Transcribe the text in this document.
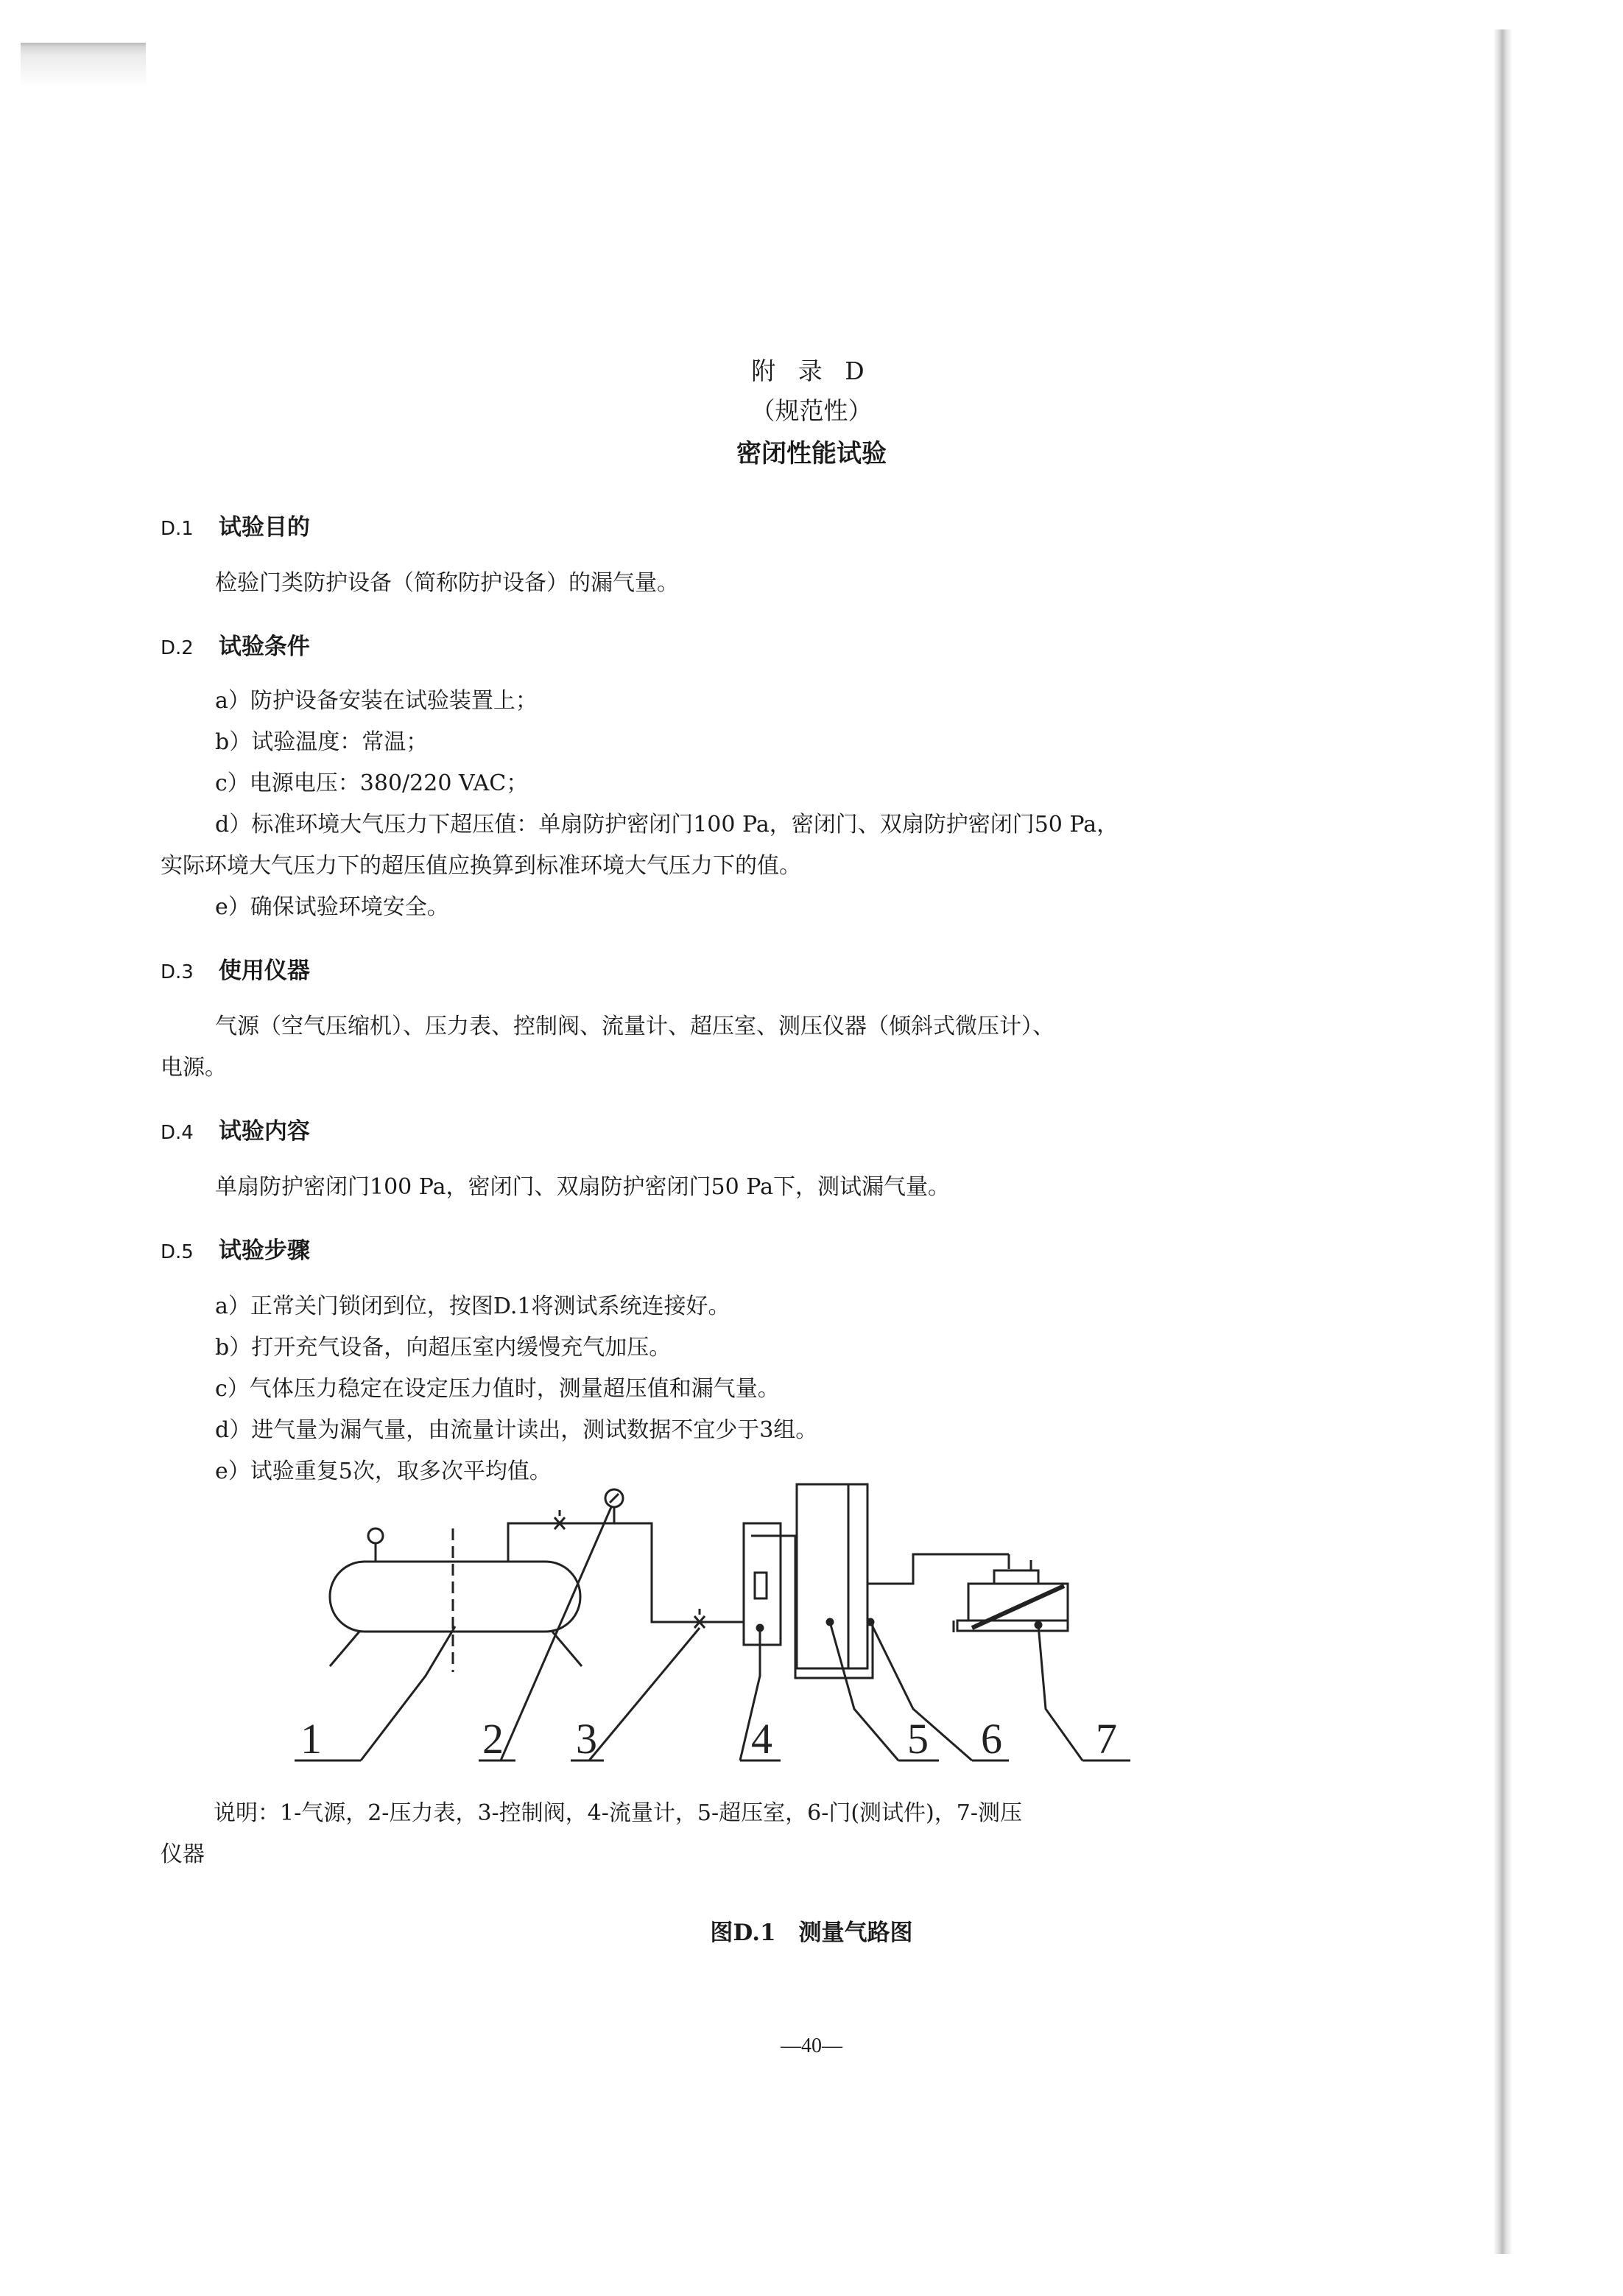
附 录 D
（规范性）
密闭性能试验
D.1 试验目的
检验门类防护设备（简称防护设备）的漏气量。
D.2 试验条件
a）防护设备安装在试验装置上；
b）试验温度：常温；
c）电源电压：380/220 VAC；
d）标准环境大气压力下超压值：单扇防护密闭门100 Pa，密闭门、双扇防护密闭门50 Pa，
实际环境大气压力下的超压值应换算到标准环境大气压力下的值。
e）确保试验环境安全。
D.3 使用仪器
气源（空气压缩机）、压力表、控制阀、流量计、超压室、测压仪器（倾斜式微压计）、
电源。
D.4 试验内容
单扇防护密闭门100 Pa，密闭门、双扇防护密闭门50 Pa下，测试漏气量。
D.5 试验步骤
a）正常关门锁闭到位，按图D.1将测试系统连接好。
b）打开充气设备，向超压室内缓慢充气加压。
c）气体压力稳定在设定压力值时，测量超压值和漏气量。
d）进气量为漏气量，由流量计读出，测试数据不宜少于3组。
e）试验重复5次，取多次平均值。
1	2 3	4	5 6 7
说明：1-气源，2-压力表，3-控制阀，4-流量计，5-超压室，6-门(测试件)，7-测压
仪器
图D.1　测量气路图
—40—
